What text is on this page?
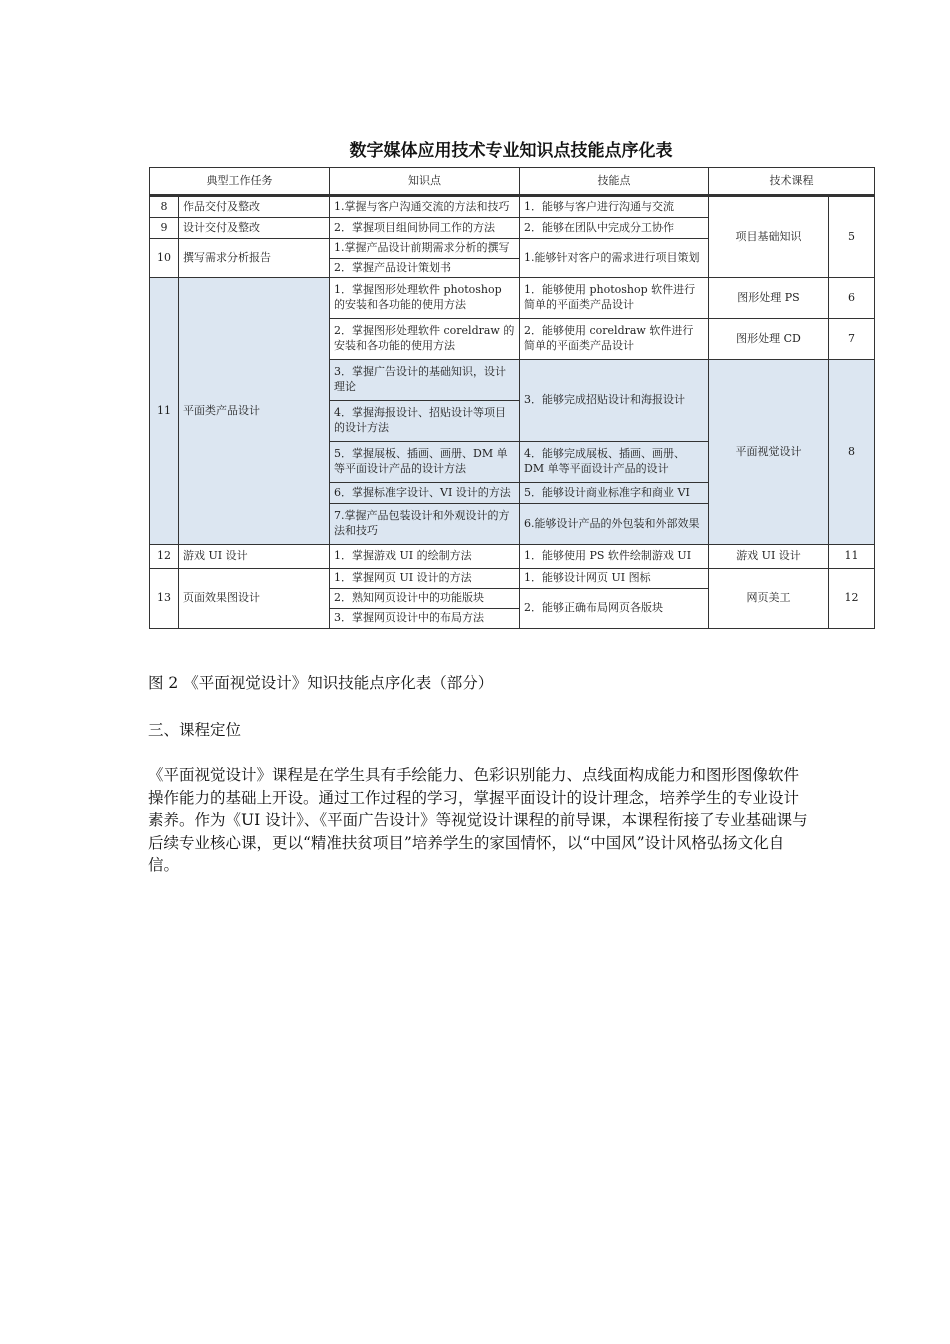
数字媒体应用技术专业知识点技能点序化表
典型工作任务		知识点	技能点	技术课程	
8	作品交付及整改	1.掌握与客户沟通交流的方法和技巧	1．能够与客户进行沟通与交流	项目基础知识	5
9	设计交付及整改	2．掌握项目组间协同工作的方法	2．能够在团队中完成分工协作		
10	撰写需求分析报告	1.掌握产品设计前期需求分析的撰写	1.能够针对客户的需求进行项目策划		
		2．掌握产品设计策划书			
11	平面类产品设计	1．掌握图形处理软件 photoshop 的安装和各功能的使用方法	1．能够使用 photoshop 软件进行简单的平面类产品设计	图形处理 PS	6
		2．掌握图形处理软件 coreldraw 的安装和各功能的使用方法	2．能够使用 coreldraw 软件进行简单的平面类产品设计	图形处理 CD	7
		3．掌握广告设计的基础知识，设计理论	3．能够完成招贴设计和海报设计	平面视觉设计	8
		4．掌握海报设计、招贴设计等项目的设计方法			
		5．掌握展板、插画、画册、DM 单等平面设计产品的设计方法	4．能够完成展板、插画、画册、DM 单等平面设计产品的设计		
		6．掌握标准字设计、VI 设计的方法	5．能够设计商业标准字和商业 VI		
		7.掌握产品包装设计和外观设计的方法和技巧	6.能够设计产品的外包装和外部效果		
12	游戏 UI 设计	1．掌握游戏 UI 的绘制方法	1．能够使用 PS 软件绘制游戏 UI	游戏 UI 设计	11
13	页面效果图设计	1．掌握网页 UI 设计的方法	1．能够设计网页 UI 图标	网页美工	12
		2．熟知网页设计中的功能版块	2．能够正确布局网页各版块		
		3．掌握网页设计中的布局方法			
图 2 《平面视觉设计》知识技能点序化表（部分）
三、课程定位

《平面视觉设计》课程是在学生具有手绘能力、色彩识别能力、点线面构成能力和图形图像软件操作能力的基础上开设。通过工作过程的学习，掌握平面设计的设计理念，培养学生的专业设计素养。作为《UI 设计》、《平面广告设计》等视觉设计课程的前导课，本课程衔接了专业基础课与后续专业核心课，更以“精准扶贫项目”培养学生的家国情怀，以“中国风”设计风格弘扬文化自信。
